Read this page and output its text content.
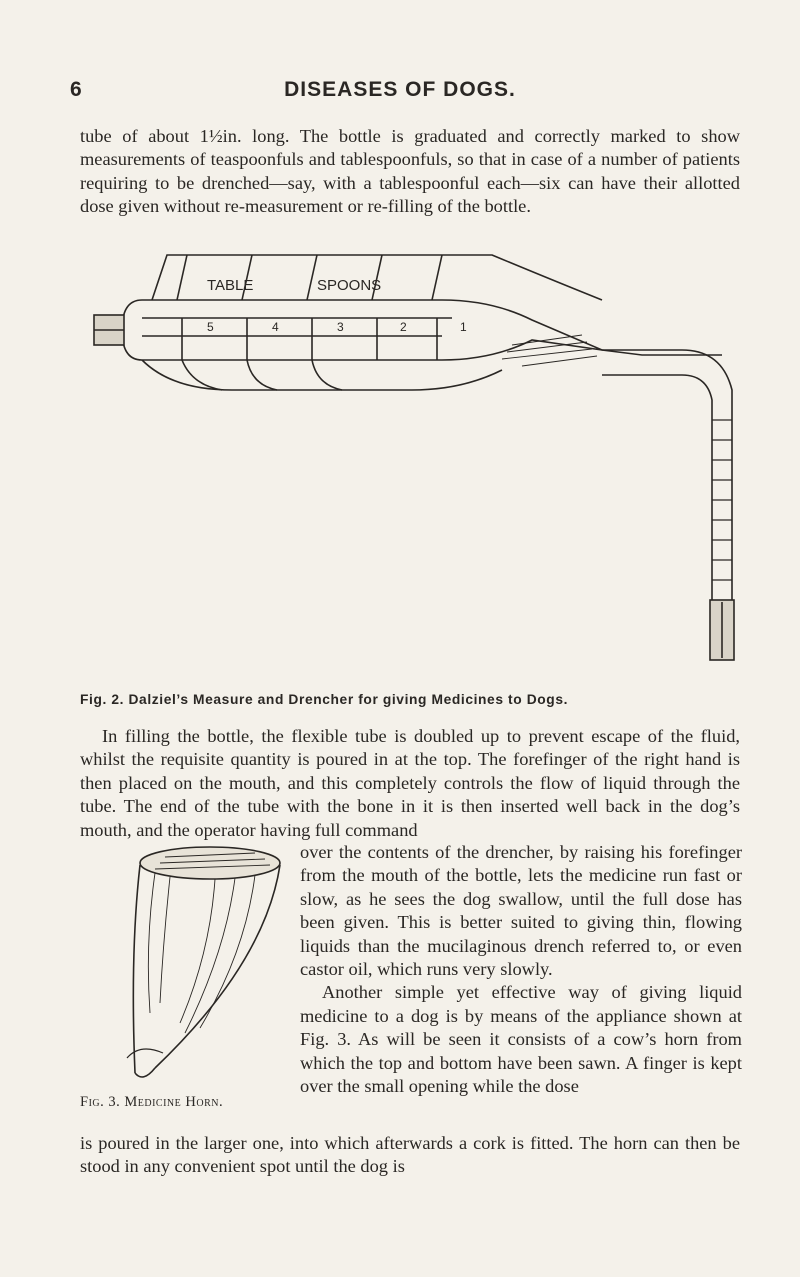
6	DISEASES OF DOGS.

tube of about 1½in. long. The bottle is graduated and correctly marked to show measurements of teaspoonfuls and tablespoonfuls, so that in case of a number of patients requiring to be drenched—say, with a tablespoonful each—six can have their allotted dose given without re-measurement or re-filling of the bottle.

TABLE	SPOONS
5	4	3	2	1
Fig. 2. Dalziel’s Measure and Drencher for giving Medicines to Dogs.

In filling the bottle, the flexible tube is doubled up to prevent escape of the fluid, whilst the requisite quantity is poured in at the top. The forefinger of the right hand is then placed on the mouth, and this completely controls the flow of liquid through the tube. The end of the tube with the bone in it is then inserted well back in the dog’s mouth, and the operator having full command

Fig. 3. Medicine Horn.

over the contents of the drencher, by raising his forefinger from the mouth of the bottle, lets the medicine run fast or slow, as he sees the dog swallow, until the full dose has been given. This is better suited to giving thin, flowing liquids than the mucilaginous drench referred to, or even castor oil, which runs very slowly.

Another simple yet effective way of giving liquid medicine to a dog is by means of the appliance shown at Fig. 3. As will be seen it consists of a cow’s horn from which the top and bottom have been sawn. A finger is kept over the small opening while the dose

is poured in the larger one, into which afterwards a cork is fitted. The horn can then be stood in any convenient spot until the dog is
